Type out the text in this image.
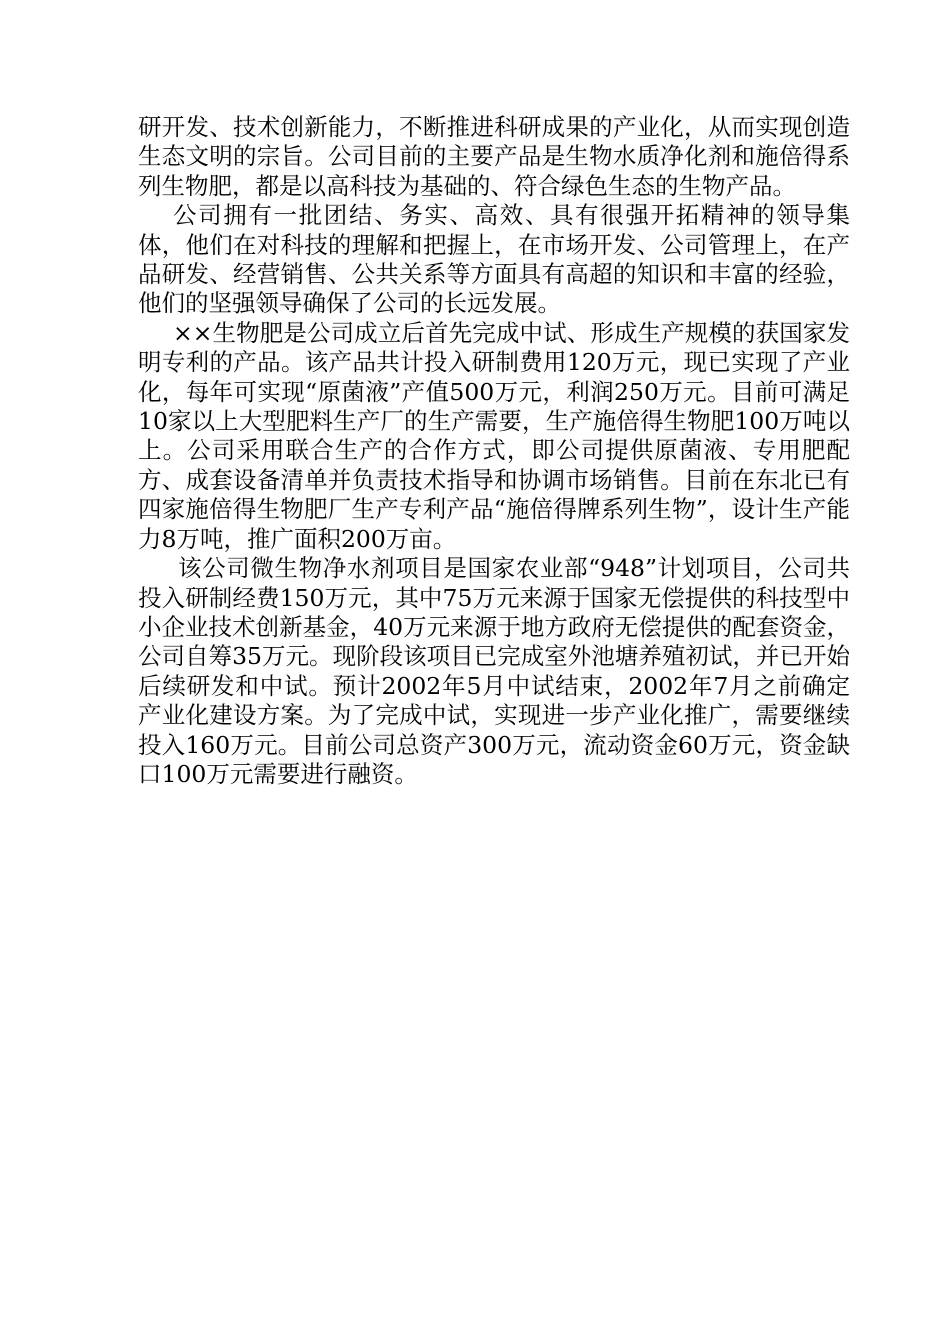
研开发、技术创新能力，不断推进科研成果的产业化，从而实现创造生态文明的宗旨。公司目前的主要产品是生物水质净化剂和施倍得系列生物肥，都是以高科技为基础的、符合绿色生态的生物产品。

公司拥有一批团结、务实、高效、具有很强开拓精神的领导集体，他们在对科技的理解和把握上，在市场开发、公司管理上，在产品研发、经营销售、公共关系等方面具有高超的知识和丰富的经验，他们的坚强领导确保了公司的长远发展。

××生物肥是公司成立后首先完成中试、形成生产规模的获国家发明专利的产品。该产品共计投入研制费用120万元，现已实现了产业化，每年可实现“原菌液”产值500万元，利润250万元。目前可满足10家以上大型肥料生产厂的生产需要，生产施倍得生物肥100万吨以上。公司采用联合生产的合作方式，即公司提供原菌液、专用肥配方、成套设备清单并负责技术指导和协调市场销售。目前在东北已有四家施倍得生物肥厂生产专利产品“施倍得牌系列生物”，设计生产能力8万吨，推广面积200万亩。

该公司微生物净水剂项目是国家农业部“948”计划项目，公司共投入研制经费150万元，其中75万元来源于国家无偿提供的科技型中小企业技术创新基金，40万元来源于地方政府无偿提供的配套资金，公司自筹35万元。现阶段该项目已完成室外池塘养殖初试，并已开始后续研发和中试。预计2002年5月中试结束，2002年7月之前确定产业化建设方案。为了完成中试，实现进一步产业化推广，需要继续投入160万元。目前公司总资产300万元，流动资金60万元，资金缺口100万元需要进行融资。
